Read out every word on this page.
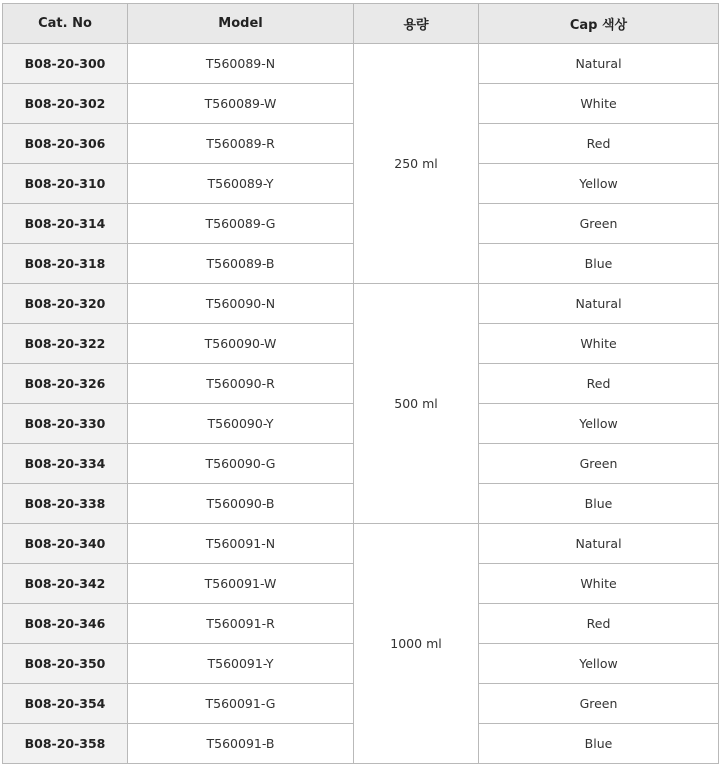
Cat. No	Model	용량	Cap 색상
B08-20-300	T560089-N	250 ml	Natural
B08-20-302	T560089-W		White
B08-20-306	T560089-R		Red
B08-20-310	T560089-Y		Yellow
B08-20-314	T560089-G		Green
B08-20-318	T560089-B		Blue
B08-20-320	T560090-N	500 ml	Natural
B08-20-322	T560090-W		White
B08-20-326	T560090-R		Red
B08-20-330	T560090-Y		Yellow
B08-20-334	T560090-G		Green
B08-20-338	T560090-B		Blue
B08-20-340	T560091-N	1000 ml	Natural
B08-20-342	T560091-W		White
B08-20-346	T560091-R		Red
B08-20-350	T560091-Y		Yellow
B08-20-354	T560091-G		Green
B08-20-358	T560091-B		Blue
